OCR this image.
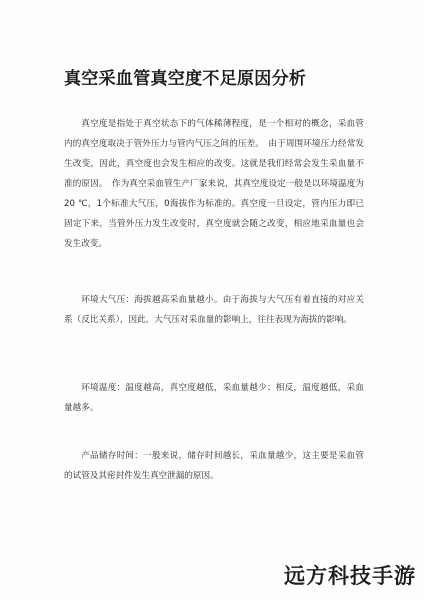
真空采血管真空度不足原因分析
真空度是指处于真空状态下的气体稀薄程度，是一个相对的概念，采血管内的真空度取决于管外压力与管内气压之间的压差。　由于周围环境压力经常发生改变，因此，真空度也会发生相应的改变。这就是我们经常会发生采血量不准的原因。　作为真空采血管生产厂家来说，其真空度设定一般是以环境温度为 20 ℃，1个标准大气压，0海拔作为标准的。真空度一旦设定，管内压力即已固定下来，当管外压力发生改变时，真空度就会随之改变，相应地采血量也会发生改变。
环境大气压：海拔越高采血量越小。由于海拔与大气压有着直接的对应关系（反比关系），因此，大气压对采血量的影响上，往往表现为海拔的影响。
环境温度：温度越高，真空度越低，采血量越少；相反，温度越低，采血量越多。
产品储存时间：一般来说，储存时间越长，采血量越少，这主要是采血管的试管及其密封件发生真空泄漏的原因。
远方科技手游
